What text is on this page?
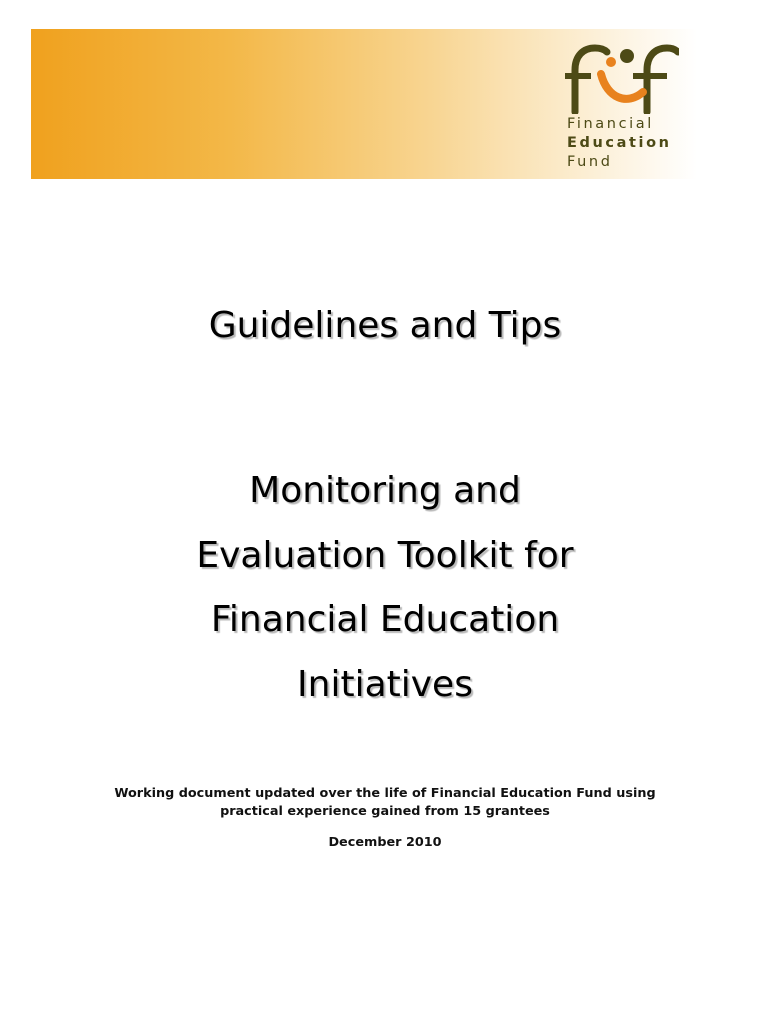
Financial
Education
Fund
Guidelines and Tips
Monitoring and
Evaluation Toolkit for
Financial Education
Initiatives
Working document updated over the life of Financial Education Fund using
practical experience gained from 15 grantees
December 2010
